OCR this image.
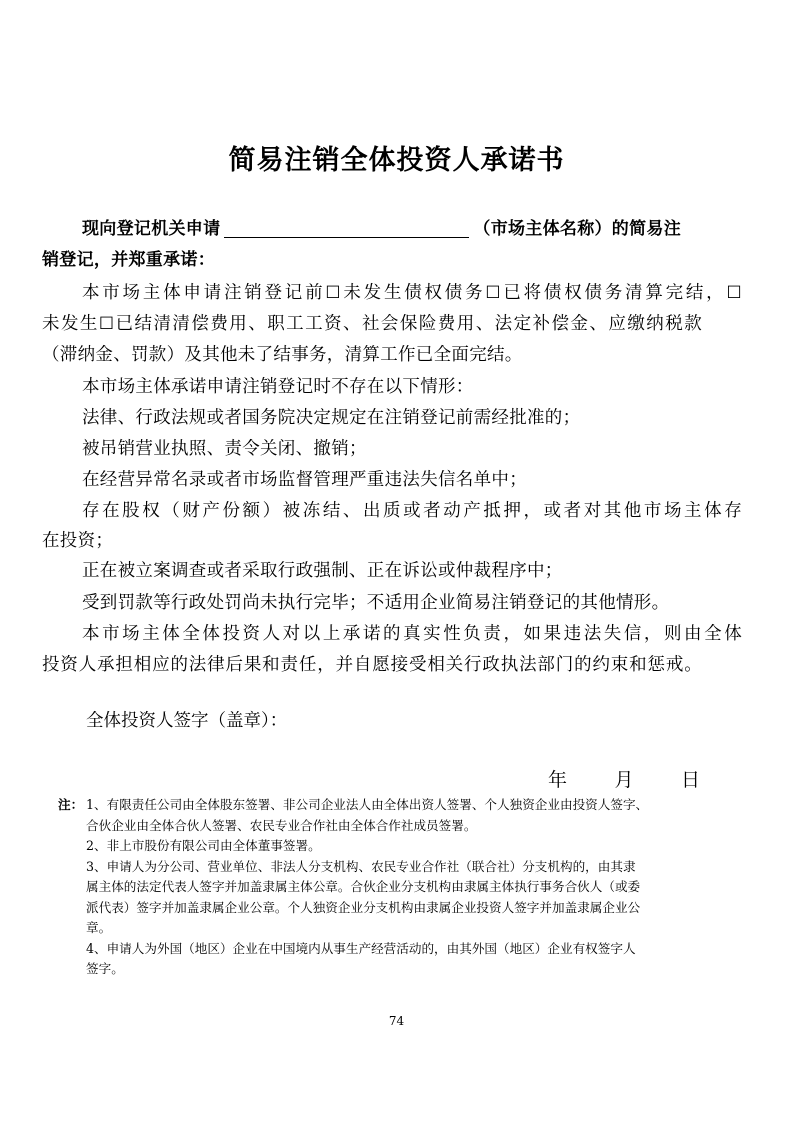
简易注销全体投资人承诺书
现向登记机关申请	（市场主体名称）的简易注
销登记，并郑重承诺：
本市场主体申请注销登记前☐未发生债权债务☐已将债权债务清算完结，☐
未发生☐已结清清偿费用、职工工资、社会保险费用、法定补偿金、应缴纳税款
（滞纳金、罚款）及其他未了结事务，清算工作已全面完结。
本市场主体承诺申请注销登记时不存在以下情形：
法律、行政法规或者国务院决定规定在注销登记前需经批准的；
被吊销营业执照、责令关闭、撤销；
在经营异常名录或者市场监督管理严重违法失信名单中；
存在股权（财产份额）被冻结、出质或者动产抵押，或者对其他市场主体存
在投资；
正在被立案调查或者采取行政强制、正在诉讼或仲裁程序中；
受到罚款等行政处罚尚未执行完毕；不适用企业简易注销登记的其他情形。
本市场主体全体投资人对以上承诺的真实性负责，如果违法失信，则由全体
投资人承担相应的法律后果和责任，并自愿接受相关行政执法部门的约束和惩戒。
全体投资人签字（盖章）：
年 月 日
注： 1、有限责任公司由全体股东签署、非公司企业法人由全体出资人签署、个人独资企业由投资人签字、
合伙企业由全体合伙人签署、农民专业合作社由全体合作社成员签署。
2、非上市股份有限公司由全体董事签署。
3、申请人为分公司、营业单位、非法人分支机构、农民专业合作社（联合社）分支机构的，由其隶
属主体的法定代表人签字并加盖隶属主体公章。合伙企业分支机构由隶属主体执行事务合伙人（或委
派代表）签字并加盖隶属企业公章。个人独资企业分支机构由隶属企业投资人签字并加盖隶属企业公
章。
4、申请人为外国（地区）企业在中国境内从事生产经营活动的，由其外国（地区）企业有权签字人
签字。
74
